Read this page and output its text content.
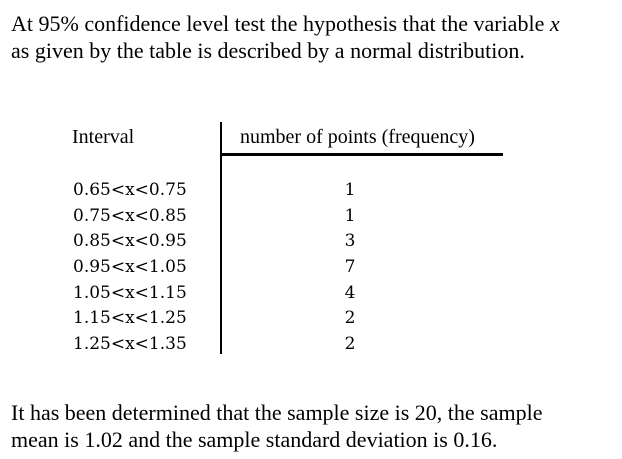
At 95% confidence level test the hypothesis that the variable x
as given by the table is described by a normal distribution.
Interval	number of points (frequency)
0.65<x<0.75	1
0.75<x<0.85	1
0.85<x<0.95	3
0.95<x<1.05	7
1.05<x<1.15	4
1.15<x<1.25	2
1.25<x<1.35	2
It has been determined that the sample size is 20, the sample
mean is 1.02 and the sample standard deviation is 0.16.
